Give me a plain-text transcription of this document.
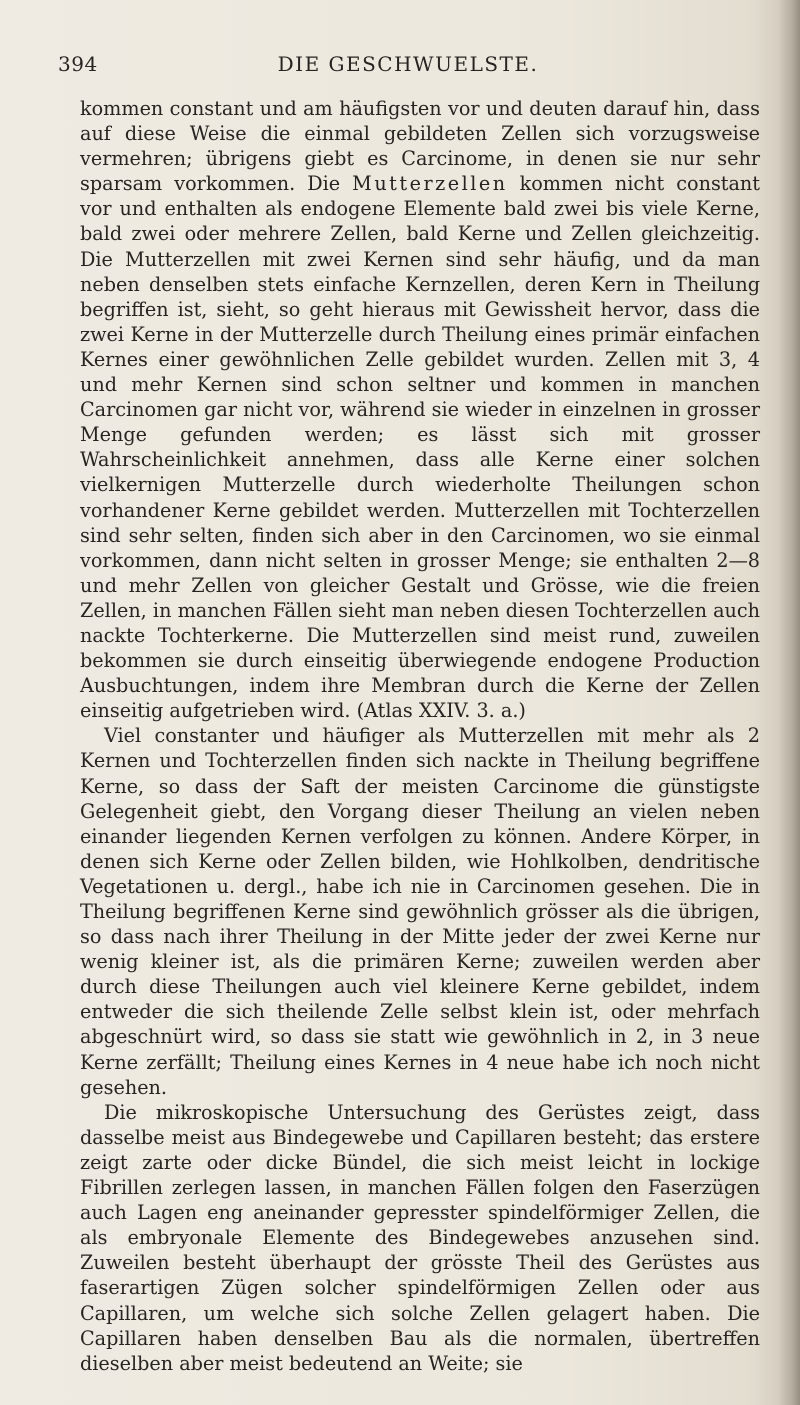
394	DIE GESCHWUELSTE.

kommen constant und am häufigsten vor und deuten darauf hin, dass auf diese Weise die einmal gebildeten Zellen sich vorzugsweise vermehren; übrigens giebt es Carcinome, in denen sie nur sehr sparsam vorkommen. Die Mutterzellen kommen nicht constant vor und enthalten als endogene Elemente bald zwei bis viele Kerne, bald zwei oder mehrere Zellen, bald Kerne und Zellen gleichzeitig. Die Mutterzellen mit zwei Kernen sind sehr häufig, und da man neben denselben stets einfache Kernzellen, deren Kern in Theilung begriffen ist, sieht, so geht hieraus mit Gewissheit hervor, dass die zwei Kerne in der Mutterzelle durch Theilung eines primär einfachen Kernes einer gewöhnlichen Zelle gebildet wurden. Zellen mit 3, 4 und mehr Kernen sind schon seltner und kommen in manchen Carcinomen gar nicht vor, während sie wieder in einzelnen in grosser Menge gefunden werden; es lässt sich mit grosser Wahrscheinlichkeit annehmen, dass alle Kerne einer solchen vielkernigen Mutterzelle durch wiederholte Theilungen schon vorhandener Kerne gebildet werden. Mutterzellen mit Tochterzellen sind sehr selten, finden sich aber in den Carcinomen, wo sie einmal vorkommen, dann nicht selten in grosser Menge; sie enthalten 2—8 und mehr Zellen von gleicher Gestalt und Grösse, wie die freien Zellen, in manchen Fällen sieht man neben diesen Tochterzellen auch nackte Tochterkerne. Die Mutterzellen sind meist rund, zuweilen bekommen sie durch einseitig überwiegende endogene Production Ausbuchtungen, indem ihre Membran durch die Kerne der Zellen einseitig aufgetrieben wird. (Atlas XXIV. 3. a.)

Viel constanter und häufiger als Mutterzellen mit mehr als 2 Kernen und Tochterzellen finden sich nackte in Theilung begriffene Kerne, so dass der Saft der meisten Carcinome die günstigste Gelegenheit giebt, den Vorgang dieser Theilung an vielen neben einander liegenden Kernen verfolgen zu können. Andere Körper, in denen sich Kerne oder Zellen bilden, wie Hohlkolben, dendritische Vegetationen u. dergl., habe ich nie in Carcinomen gesehen. Die in Theilung begriffenen Kerne sind gewöhnlich grösser als die übrigen, so dass nach ihrer Theilung in der Mitte jeder der zwei Kerne nur wenig kleiner ist, als die primären Kerne; zuweilen werden aber durch diese Theilungen auch viel kleinere Kerne gebildet, indem entweder die sich theilende Zelle selbst klein ist, oder mehrfach abgeschnürt wird, so dass sie statt wie gewöhnlich in 2, in 3 neue Kerne zerfällt; Theilung eines Kernes in 4 neue habe ich noch nicht gesehen.

Die mikroskopische Untersuchung des Gerüstes zeigt, dass dasselbe meist aus Bindegewebe und Capillaren besteht; das erstere zeigt zarte oder dicke Bündel, die sich meist leicht in lockige Fibrillen zerlegen lassen, in manchen Fällen folgen den Faserzügen auch Lagen eng aneinander gepresster spindelförmiger Zellen, die als embryonale Elemente des Bindegewebes anzusehen sind. Zuweilen besteht überhaupt der grösste Theil des Gerüstes aus faserartigen Zügen solcher spindelförmigen Zellen oder aus Capillaren, um welche sich solche Zellen gelagert haben. Die Capillaren haben denselben Bau als die normalen, übertreffen dieselben aber meist bedeutend an Weite; sie
